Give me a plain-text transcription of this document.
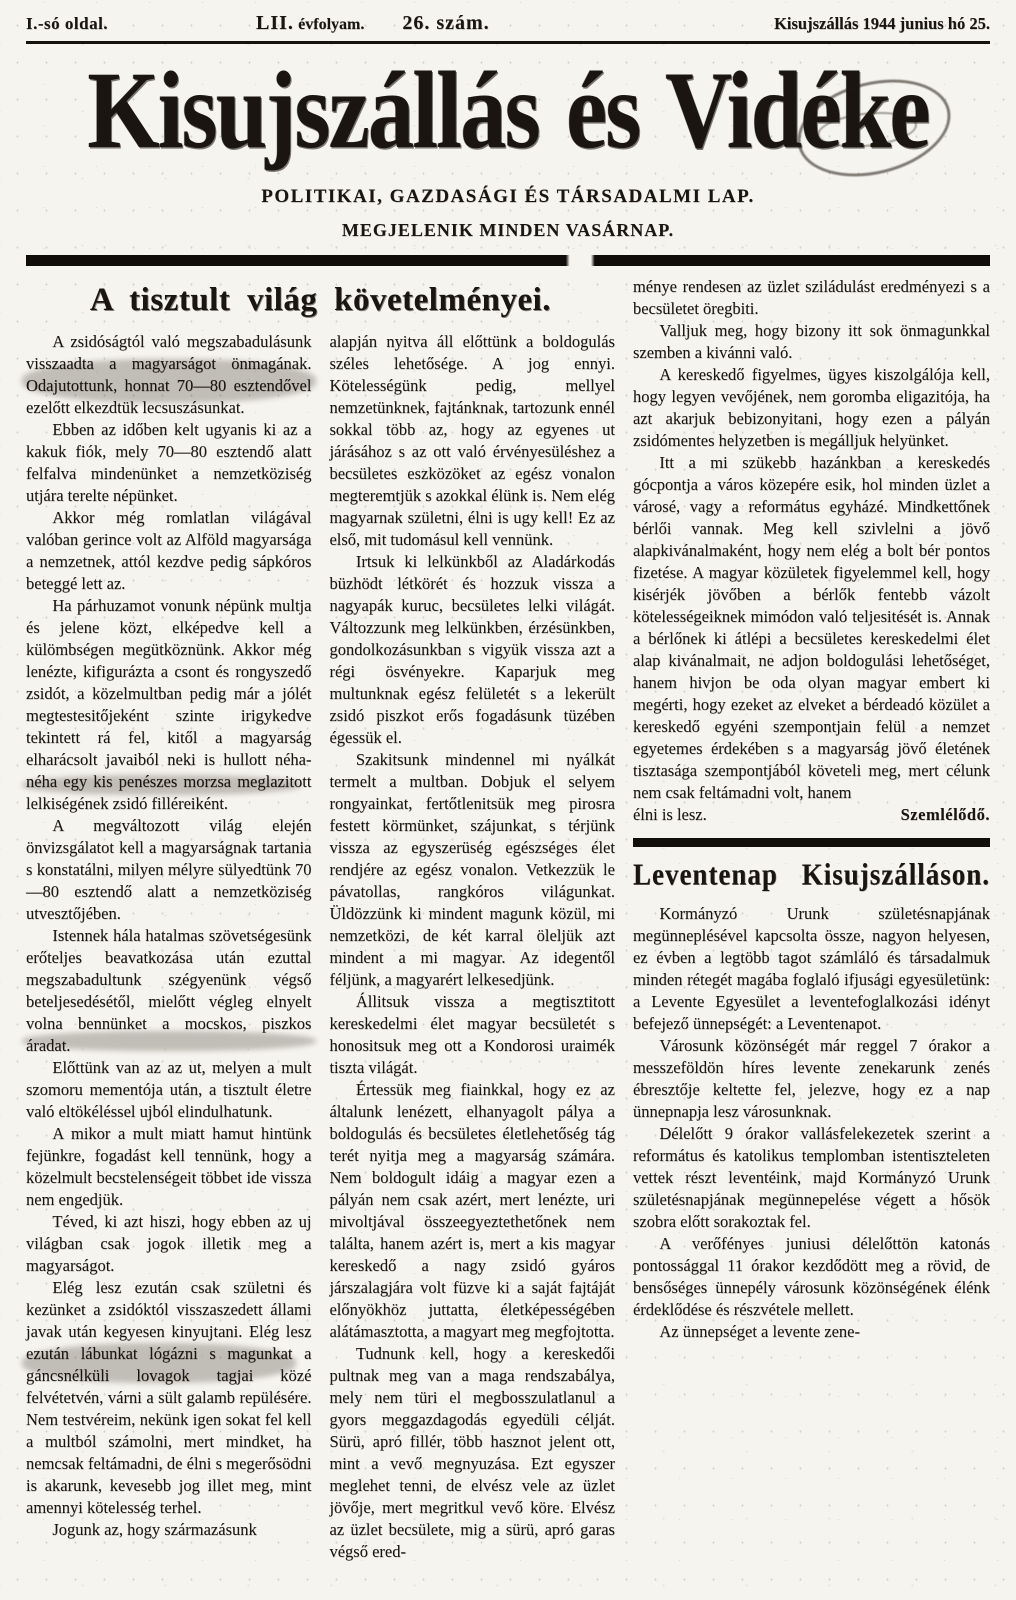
I.-só oldal.	LII. évfolyam. 26. szám.	Kisujszállás 1944 junius hó 25.
Kisujszállás és Vidéke
POLITIKAI, GAZDASÁGI ÉS TÁRSADALMI LAP.
MEGJELENIK MINDEN VASÁRNAP.
A tisztult világ követelményei.

A zsidóságtól való megszabadulásunk visszaadta a magyarságot önmagának. Odajutottunk, honnat 70—80 esztendővel ezelőtt elkezdtük lecsuszásunkat.

Ebben az időben kelt ugyanis ki az a kakuk fiók, mely 70—80 esztendő alatt felfalva mindenünket a nemzetköziség utjára terelte népünket.

Akkor még romlatlan világával valóban gerince volt az Alföld magyarsága a nemzetnek, attól kezdve pedig sápkóros beteggé lett az.

Ha párhuzamot vonunk népünk multja és jelene közt, elképedve kell a külömbségen megütköznünk. Akkor még lenézte, kifigurázta a csont és rongyszedő zsidót, a közelmultban pedig már a jólét megtestesitőjeként szinte irigykedve tekintett rá fel, kitől a magyarság elharácsolt javaiból neki is hullott néha-néha egy kis penészes morzsa meglazitott lelkiségének zsidó filléreiként.

A megváltozott világ elején önvizsgálatot kell a magyarságnak tartania s konstatálni, milyen mélyre sülyedtünk 70—80 esztendő alatt a nemzetköziség utvesztőjében.

Istennek hála hatalmas szövetségesünk erőteljes beavatkozása után ezuttal megszabadultunk szégyenünk végső beteljesedésétől, mielőtt végleg elnyelt volna bennünket a mocskos, piszkos áradat.

Előttünk van az az ut, melyen a mult szomoru mementója után, a tisztult életre való eltökéléssel ujból elindulhatunk.

A mikor a mult miatt hamut hintünk fejünkre, fogadást kell tennünk, hogy a közelmult becstelenségeit többet ide vissza nem engedjük.

Téved, ki azt hiszi, hogy ebben az uj világban csak jogok illetik meg a magyarságot.

Elég lesz ezután csak születni és kezünket a zsidóktól visszaszedett állami javak után kegyesen kinyujtani. Elég lesz ezután lábunkat lógázni s magunkat a gáncsnélküli lovagok tagjai közé felvétetvén, várni a sült galamb repülésére. Nem testvéreim, nekünk igen sokat fel kell a multból számolni, mert mindket, ha nemcsak feltámadni, de élni s megerősödni is akarunk, kevesebb jog illet meg, mint amennyi kötelesség terhel.

Jogunk az, hogy származásunk

alapján nyitva áll előttünk a boldogulás széles lehetősége. A jog ennyi. Kötelességünk pedig, mellyel nemzetünknek, fajtánknak, tartozunk ennél sokkal több az, hogy az egyenes ut járásához s az ott való érvényesüléshez a becsületes eszközöket az egész vonalon megteremtjük s azokkal élünk is. Nem elég magyarnak születni, élni is ugy kell! Ez az első, mit tudomásul kell vennünk.

Irtsuk ki lelkünkből az Aladárkodás büzhödt létkörét és hozzuk vissza a nagyapák kuruc, becsületes lelki világát. Változzunk meg lelkünkben, érzésünkben, gondolkozásunkban s vigyük vissza azt a régi ösvényekre. Kaparjuk meg multunknak egész felületét s a lekerült zsidó piszkot erős fogadásunk tüzében égessük el.

Szakitsunk mindennel mi nyálkát termelt a multban. Dobjuk el selyem rongyainkat, fertőtlenitsük meg pirosra festett körmünket, szájunkat, s térjünk vissza az egyszerüség egészséges élet rendjére az egész vonalon. Vetkezzük le pávatollas, rangkóros világunkat. Üldözzünk ki mindent magunk közül, mi nemzetközi, de két karral öleljük azt mindent a mi magyar. Az idegentől féljünk, a magyarért lelkesedjünk.

Állitsuk vissza a megtisztitott kereskedelmi élet magyar becsületét s honositsuk meg ott a Kondorosi uraimék tiszta világát.

Értessük meg fiainkkal, hogy ez az általunk lenézett, elhanyagolt pálya a boldogulás és becsületes életlehetőség tág terét nyitja meg a magyarság számára. Nem boldogult idáig a magyar ezen a pályán nem csak azért, mert lenézte, uri mivoltjával összeegyeztethetőnek nem találta, hanem azért is, mert a kis magyar kereskedő a nagy zsidó gyáros járszalagjára volt füzve ki a saját fajtáját előnyökhöz juttatta, életképességében alátámasztotta, a magyart meg megfojtotta.

Tudnunk kell, hogy a kereskedői pultnak meg van a maga rendszabálya, mely nem türi el megbosszulatlanul a gyors meggazdagodás egyedüli célját. Sürü, apró fillér, több hasznot jelent ott, mint a vevő megnyuzása. Ezt egyszer meglehet tenni, de elvész vele az üzlet jövője, mert megritkul vevő köre. Elvész az üzlet becsülete, mig a sürü, apró garas végső ered-

ménye rendesen az üzlet sziládulást eredményezi s a becsületet öregbiti.

Valljuk meg, hogy bizony itt sok önmagunkkal szemben a kivánni való.

A kereskedő figyelmes, ügyes kiszolgálója kell, hogy legyen vevőjének, nem goromba eligazitója, ha azt akarjuk bebizonyitani, hogy ezen a pályán zsidómentes helyzetben is megálljuk helyünket.

Itt a mi szükebb hazánkban a kereskedés gócpontja a város közepére esik, hol minden üzlet a városé, vagy a református egyházé. Mindkettőnek bérlői vannak. Meg kell szivlelni a jövő alapkivánalmaként, hogy nem elég a bolt bér pontos fizetése. A magyar közületek figyelemmel kell, hogy kisérjék jövőben a bérlők fentebb vázolt kötelességeiknek mimódon való teljesitését is. Annak a bérlőnek ki átlépi a becsületes kereskedelmi élet alap kivánalmait, ne adjon boldogulási lehetőséget, hanem hivjon be oda olyan magyar embert ki megérti, hogy ezeket az elveket a bérdeadó közület a kereskedő egyéni szempontjain felül a nemzet egyetemes érdekében s a magyarság jövő életének tisztasága szempontjából követeli meg, mert célunk nem csak feltámadni volt, hanem

élni is lesz.	Szemlélődő.
Leventenap Kisujszálláson.

Kormányzó Urunk születésnapjának megünneplésével kapcsolta össze, nagyon helyesen, ez évben a legtöbb tagot számláló és társadalmuk minden rétegét magába foglaló ifjusági egyesületünk: a Levente Egyesület a leventefoglalkozási idényt befejező ünnepségét: a Leventenapot.

Városunk közönségét már reggel 7 órakor a messzeföldön híres levente zenekarunk zenés ébresztője keltette fel, jelezve, hogy ez a nap ünnepnapja lesz városunknak.

Délelőtt 9 órakor vallásfelekezetek szerint a református és katolikus templomban istentiszteleten vettek részt leventéink, majd Kormányzó Urunk születésnapjának megünnepelése végett a hősök szobra előtt sorakoztak fel.

A verőfényes juniusi délelőttön katonás pontossággal 11 órakor kezdődött meg a rövid, de bensőséges ünnepély városunk közönségének élénk érdeklődése és részvétele mellett.

Az ünnepséget a levente zene-
